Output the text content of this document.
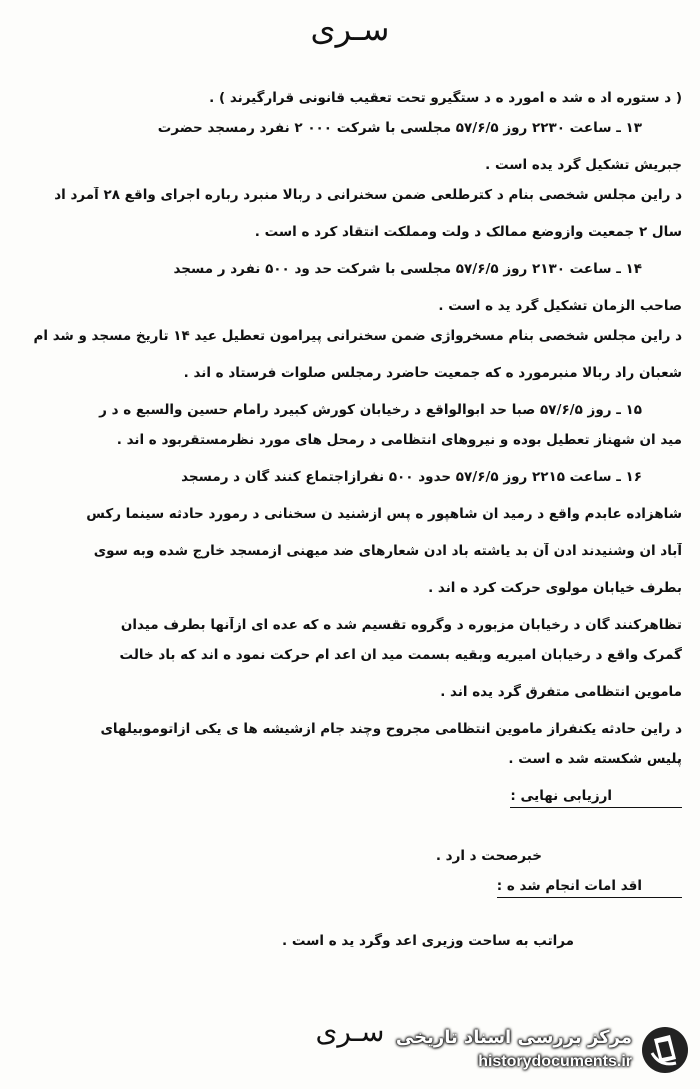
سـری
( د ستوره اد ه شد ه امورد ه د ستگیرو تحت تعقیب قانونی قرارگیرند ) .
۱۳ ـ ساعت ۲۲۳۰ روز ۵۷/۶/۵ مجلسی با شرکت ۰۰۰ ۲ نفرد رمسجد حضرت
جبریش تشکیل گرد یده است .
د راین مجلس شخصی بنام د کترطلعی ضمن سخنرانی د ربالا منبرد رباره اجرای واقع ۲۸ آمرد اد
سال ۲ جمعیت وازوضع ممالک د ولت ومملکت انتقاد کرد ه است .
۱۴ ـ ساعت ۲۱۳۰ روز ۵۷/۶/۵ مجلسی با شرکت حد ود ۵۰۰ نفرد ر مسجد
صاحب الزمان تشکیل گرد ید ه است .
د راین مجلس شخصی بنام مسخرواژی ضمن سخنرانی پیرامون تعطیل عید ۱۴ تاریخ مسجد و شد ام
شعبان راد ربالا منبرمورد ه که جمعیت حاضرد رمجلس صلوات فرستاد ه اند .
۱۵ ـ روز ۵۷/۶/۵ صبا حد ابوالواقع د رخیابان کورش کبیرد رامام حسین والسبع ه د ر
مید ان شهناز تعطیل بوده و نیروهای انتظامی د رمحل های مورد نظرمستقربود ه اند .
۱۶ ـ ساعت ۲۲۱۵ روز ۵۷/۶/۵ حدود ۵۰۰ نفرازاجتماع کنند گان د رمسجد
شاهزاده عابدم واقع د رمید ان شاهپور ه پس ازشنید ن سخنانی د رمورد حادثه سینما رکس
آباد ان وشنیدند ادن آن بد یاشته باد ادن شعارهای ضد میهنی ازمسجد خارج شده وبه سوی
بطرف خیابان مولوی حرکت کرد ه اند .
تظاهرکنند گان د رخیابان مزبوره د وگروه تقسیم شد ه که عده ای ازآنها بطرف میدان
گمرک واقع د رخیابان امیریه وبقیه بسمت مید ان اعد ام حرکت نمود ه اند که باد خالت
ماموین انتظامی متفرق گرد یده اند .
د راین حادثه یکنفراز ماموین انتظامی مجروح وچند جام ازشیشه ها ی یکی ازاتوموبیلهای
پلیس شکسته شد ه است .
ارزیابی نهایی :
خبرصحت د ارد .
اقد امات انجام شد ه :
مراتب به ساحت وزیری اعد وگرد ید ه است .
سـری مرکز بررسی اسناد تاریخی
historydocuments.ir
